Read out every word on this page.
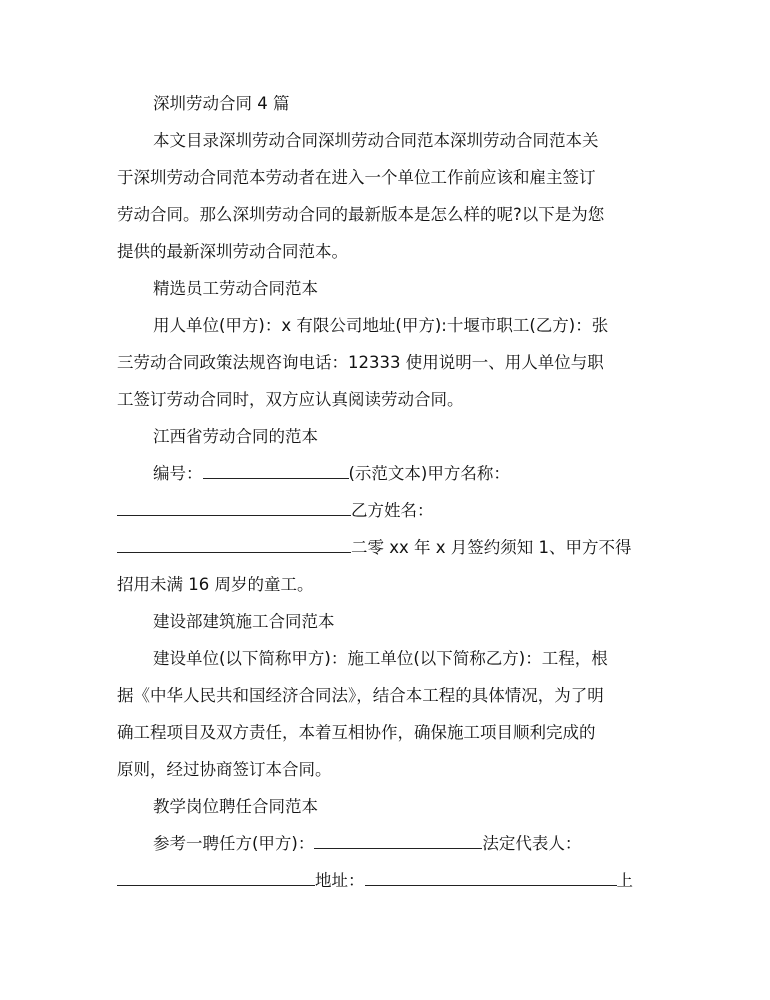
深圳劳动合同 4 篇
本文目录深圳劳动合同深圳劳动合同范本深圳劳动合同范本关
于深圳劳动合同范本劳动者在进入一个单位工作前应该和雇主签订
劳动合同。那么深圳劳动合同的最新版本是怎么样的呢?以下是为您
提供的最新深圳劳动合同范本。
精选员工劳动合同范本
用人单位(甲方)：x 有限公司地址(甲方):十堰市职工(乙方)：张
三劳动合同政策法规咨询电话：12333 使用说明一、用人单位与职
工签订劳动合同时，双方应认真阅读劳动合同。
江西省劳动合同的范本
编号：	(示范文本)甲方名称：
乙方姓名：
二零 xx 年 x 月签约须知 1、甲方不得
招用未满 16 周岁的童工。
建设部建筑施工合同范本
建设单位(以下简称甲方)：施工单位(以下简称乙方)：工程，根
据《中华人民共和国经济合同法》，结合本工程的具体情况，为了明
确工程项目及双方责任，本着互相协作，确保施工项目顺利完成的
原则，经过协商签订本合同。
教学岗位聘任合同范本
参考一聘任方(甲方)：	法定代表人：
地址：	上
